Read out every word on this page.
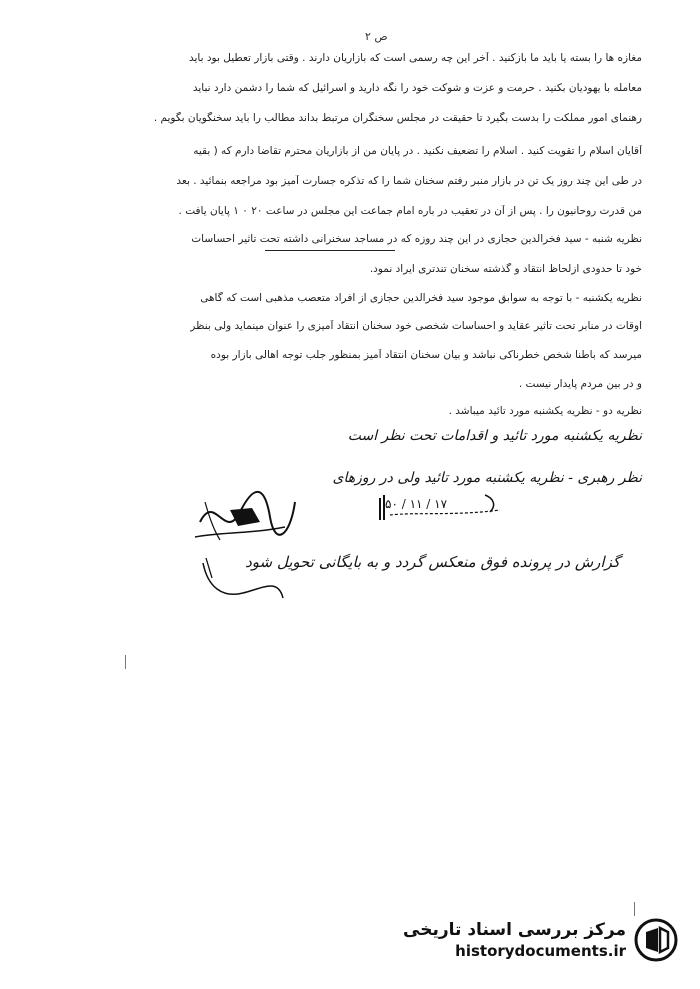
ص ۲
مغازه ها را بسته یا باید ما بازکنید . آخر این چه رسمی است که بازاریان دارند . وقتی بازار تعطیل بود باید
معامله با یهودیان بکنید . حرمت و عزت و شوکت خود را نگه دارید و اسرائیل که شما را دشمن دارد نباید
رهنمای امور مملکت را بدست بگیرد تا حقیقت در مجلس سخنگران مرتبط بداند مطالب را باید سخنگویان بگویم .
آقایان اسلام را تقویت کنید . اسلام را تضعیف نکنید . در پایان من از بازاریان محترم تقاضا دارم که ( بقیه
در طی این چند روز یک تن در بازار منبر رفتم سخنان شما را که تذکره جسارت آمیز بود مراجعه بنمائید . بعد
من قدرت روحانیون را . پس از آن در تعقیب در باره امام جماعت این مجلس در ساعت ۲۰ ۰ ۱ پایان یافت .
نظریه شنبه - سید فخرالدین حجازی در این چند روزه که در مساجد سخنرانی داشته تحت تاثیر احساسات
خود تا حدودی ازلحاظ انتقاد و گذشته سخنان تندتری ایراد نمود.
نظریه یکشنبه - با توجه به سوابق موجود سید فخرالدین حجازی از افراد متعصب مذهبی است که گاهی
اوقات در منابر تحت تاثیر عقاید و احساسات شخصی خود سخنان انتقاد آمیزی را عنوان مینماید ولی بنظر
میرسد که باطنا شخص خطرناکی نباشد و بیان سخنان انتقاد آمیز بمنظور جلب توجه اهالی بازار بوده
و در بین مردم پایدار نیست .
نظریه دو - نظریه یکشنبه مورد تائید میباشد .
نظریه یکشنبه مورد تائید و اقدامات تحت نظر است
نظر رهبری - نظریه یکشنبه مورد تائید ولی در روزهای
۱۷ / ۱۱ / ۵۰
گزارش در پرونده فوق منعکس گردد و به بایگانی تحویل شود
مرکز بررسی اسناد تاریخی
historydocuments.ir
